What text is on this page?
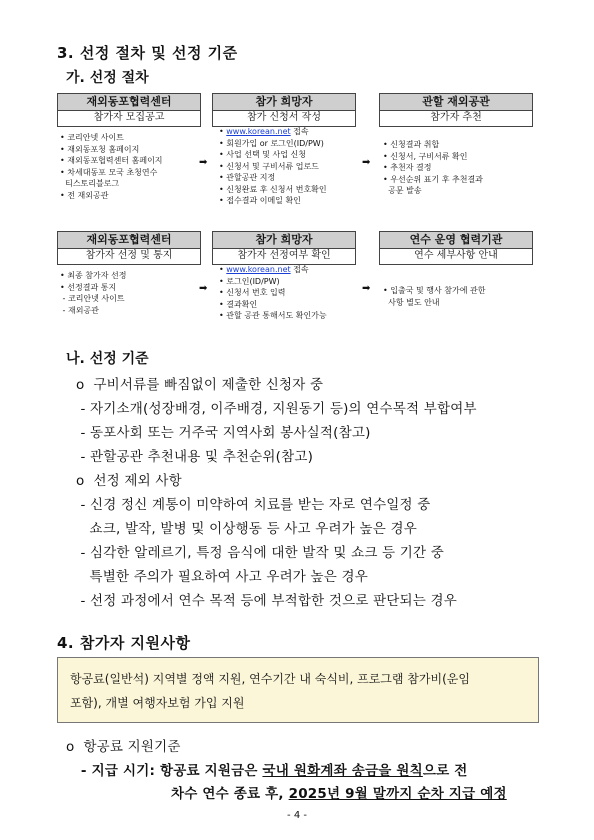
3. 선정 절차 및 선정 기준
가. 선정 절차
재외동포협력센터
참가자 모집공고
참가 희망자
참가 신청서 작성
관할 재외공관
참가자 추천
• 코리안넷 사이트
• 재외동포청 홈페이지
• 재외동포협력센터 홈페이지
• 차세대동포 모국 초청연수
티스토리블로그
• 전 재외공관
➡
• www.korean.net 접속
• 회원가입 or 로그인(ID/PW)
• 사업 선택 및 사업 신청
• 신청서 및 구비서류 업로드
• 관할공관 지정
• 신청완료 후 신청서 번호확인
• 접수결과 이메일 확인
➡
• 신청결과 취합
• 신청서, 구비서류 확인
• 추천자 결정
• 우선순위 표기 후 추천결과
공문 발송
재외동포협력센터
참가자 선정 및 통지
참가 희망자
참가자 선정여부 확인
연수 운영 협력기관
연수 세부사항 안내
• 최종 참가자 선정
• 선정결과 통지
- 코리안넷 사이트
- 재외공관
➡
• www.korean.net 접속
• 로그인(ID/PW)
• 신청서 번호 입력
• 결과확인
• 관할 공관 통해서도 확인가능
➡ • 입출국 및 행사 참가에 관한
사항 별도 안내
나. 선정 기준
ο  구비서류를 빠짐없이 제출한 신청자 중
- 자기소개(성장배경, 이주배경, 지원동기 등)의 연수목적 부합여부
- 동포사회 또는 거주국 지역사회 봉사실적(참고)
- 관할공관 추천내용 및 추천순위(참고)
ο  선정 제외 사항
- 신경 정신 계통이 미약하여 치료를 받는 자로 연수일정 중
쇼크, 발작, 발병 및 이상행동 등 사고 우려가 높은 경우
- 심각한 알레르기, 특정 음식에 대한 발작 및 쇼크 등 기간 중
특별한 주의가 필요하여 사고 우려가 높은 경우
- 선정 과정에서 연수 목적 등에 부적합한 것으로 판단되는 경우
4. 참가자 지원사항
항공료(일반석) 지역별 정액 지원, 연수기간 내 숙식비, 프로그램 참가비(운임
포함), 개별 여행자보험 가입 지원
ο  항공료 지원기준
- 지급 시기: 항공료 지원금은 국내 원화계좌 송금을 원칙으로 전
차수 연수 종료 후, 2025년 9월 말까지 순차 지급 예정
- 4 -
